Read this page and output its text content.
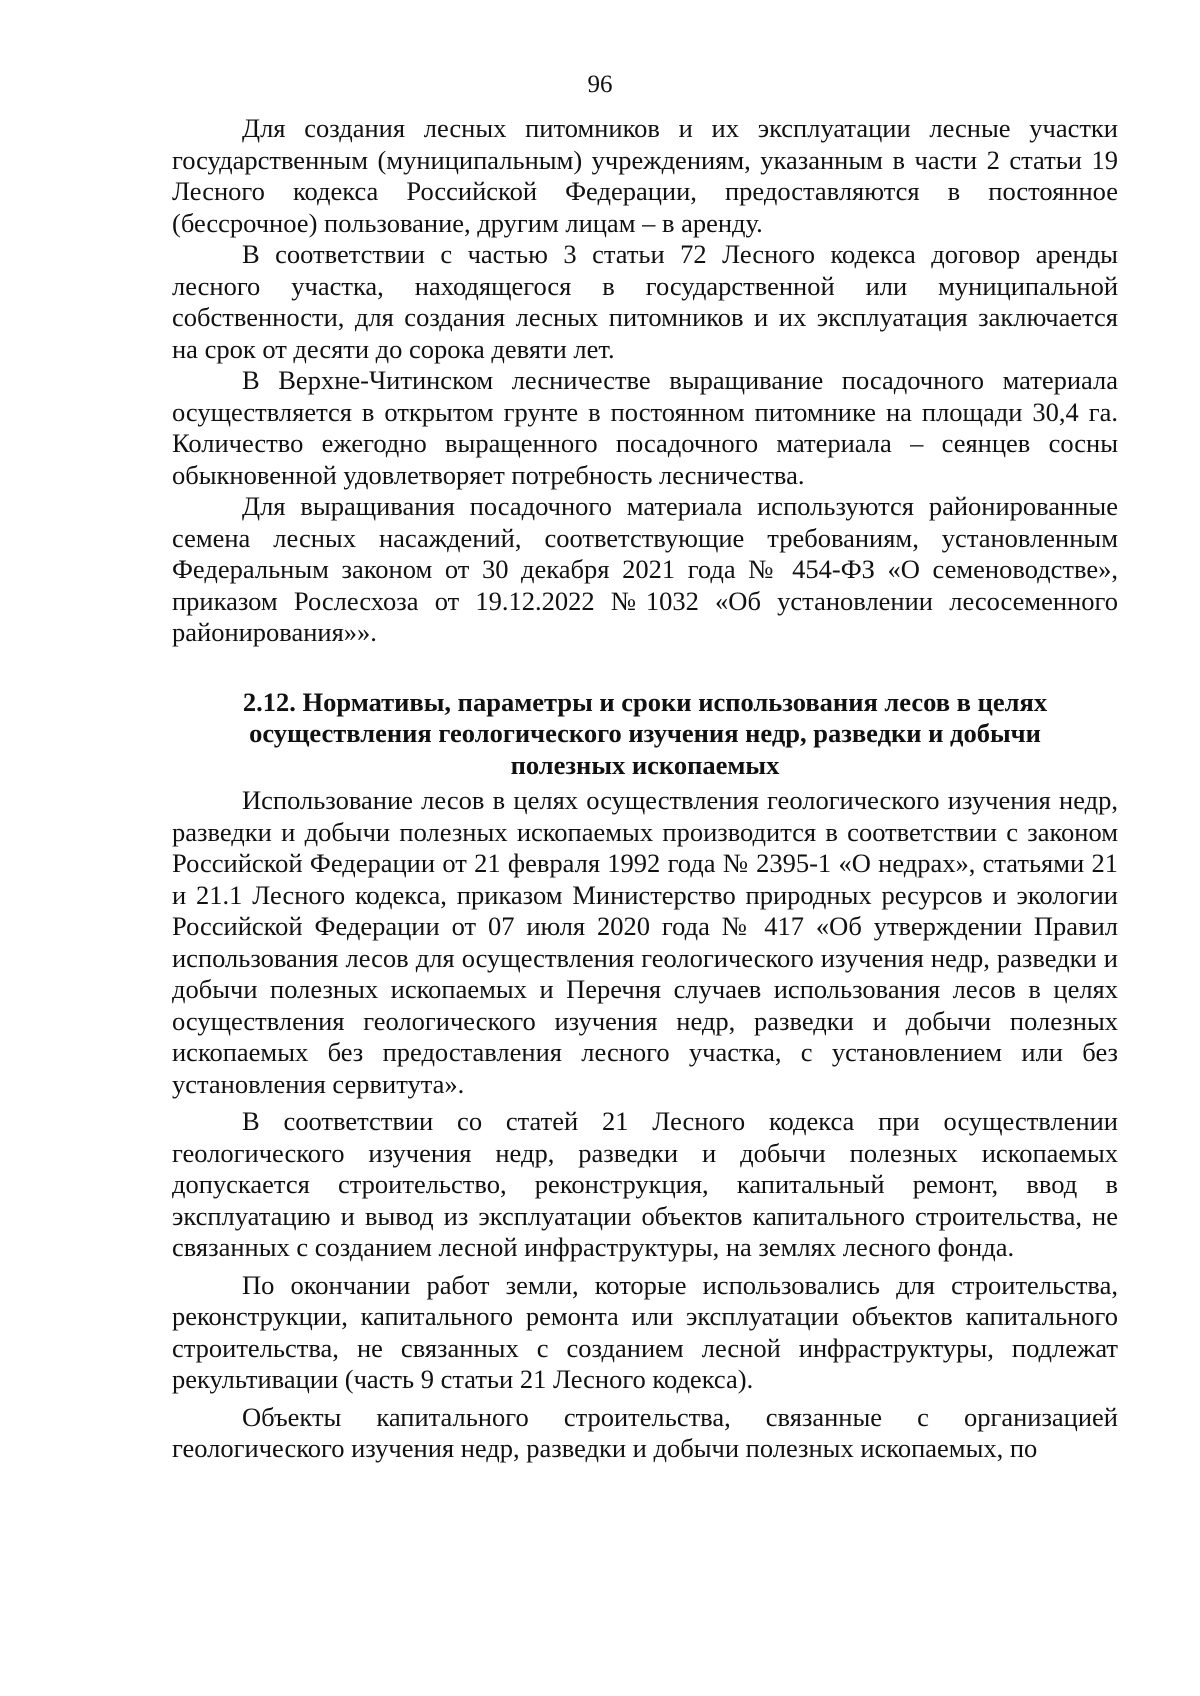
96

Для создания лесных питомников и их эксплуатации лесные участки государственным (муниципальным) учреждениям, указанным в части 2 статьи 19 Лесного кодекса Российской Федерации, предоставляются в постоянное (бессрочное) пользование, другим лицам – в аренду.

В соответствии с частью 3 статьи 72 Лесного кодекса договор аренды лесного участка, находящегося в государственной или муниципальной собственности, для создания лесных питомников и их эксплуатация заключается на срок от десяти до сорока девяти лет.

В Верхне-Читинском лесничестве выращивание посадочного материала осуществляется в открытом грунте в постоянном питомнике на площади 30,4 га. Количество ежегодно выращенного посадочного материала – сеянцев сосны обыкновенной удовлетворяет потребность лесничества.

Для выращивания посадочного материала используются районированные семена лесных насаждений, соответствующие требованиям, установленным Федеральным законом от 30 декабря 2021 года № 454-ФЗ «О семеноводстве», приказом Рослесхоза от 19.12.2022 №1032 «Об установлении лесосеменного районирования»».

2.12. Нормативы, параметры и сроки использования лесов в целях осуществления геологического изучения недр, разведки и добычи полезных ископаемых

Использование лесов в целях осуществления геологического изучения недр, разведки и добычи полезных ископаемых производится в соответствии с законом Российской Федерации от 21 февраля 1992 года № 2395-1 «О недрах», статьями 21 и 21.1 Лесного кодекса, приказом Министерство природных ресурсов и экологии Российской Федерации от 07 июля 2020 года № 417 «Об утверждении Правил использования лесов для осуществления геологического изучения недр, разведки и добычи полезных ископаемых и Перечня случаев использования лесов в целях осуществления геологического изучения недр, разведки и добычи полезных ископаемых без предоставления лесного участка, с установлением или без установления сервитута».

В соответствии со статей 21 Лесного кодекса при осуществлении геологического изучения недр, разведки и добычи полезных ископаемых допускается строительство, реконструкция, капитальный ремонт, ввод в эксплуатацию и вывод из эксплуатации объектов капитального строительства, не связанных с созданием лесной инфраструктуры, на землях лесного фонда.

По окончании работ земли, которые использовались для строительства, реконструкции, капитального ремонта или эксплуатации объектов капитального строительства, не связанных с созданием лесной инфраструктуры, подлежат рекультивации (часть 9 статьи 21 Лесного кодекса).

Объекты капитального строительства, связанные с организацией геологического изучения недр, разведки и добычи полезных ископаемых, по
